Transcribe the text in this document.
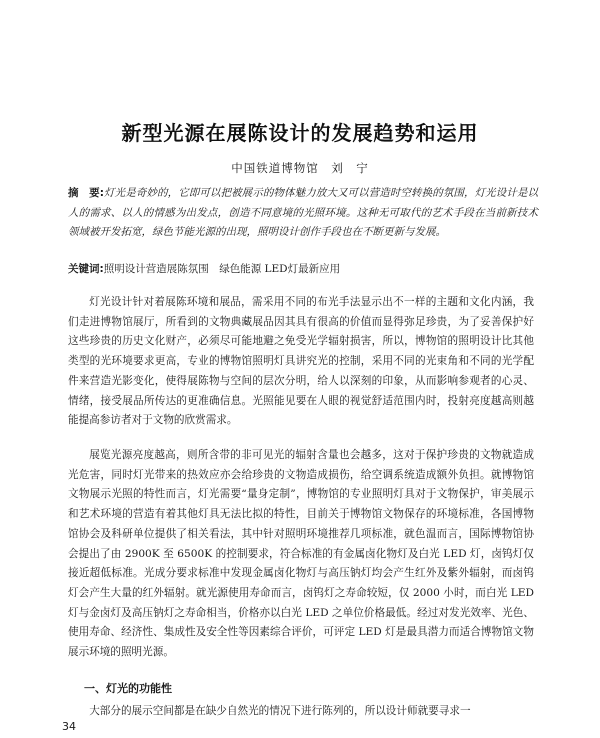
新型光源在展陈设计的发展趋势和运用
中国铁道博物馆　刘　宁
摘　要:灯光是奇妙的，它即可以把被展示的物体魅力放大又可以营造时空转换的氛围，灯光设计是以人的需求、以人的情感为出发点，创造不同意境的光照环境。这种无可取代的艺术手段在当前新技术领域被开发拓宽，绿色节能光源的出现，照明设计创作手段也在不断更新与发展。
关键词:照明设计营造展陈氛围　绿色能源 LED灯最新应用

灯光设计针对着展陈环境和展品，需采用不同的布光手法显示出不一样的主题和文化内涵，我们走进博物馆展厅，所看到的文物典藏展品因其具有很高的价值而显得弥足珍贵，为了妥善保护好这些珍贵的历史文化财产，必须尽可能地避之免受光学辐射损害，所以，博物馆的照明设计比其他类型的光环境要求更高，专业的博物馆照明灯具讲究光的控制，采用不同的光束角和不同的光学配件来营造光影变化，使得展陈物与空间的层次分明，给人以深刻的印象，从而影响参观者的心灵、情绪，接受展品所传达的更准确信息。光照能见要在人眼的视觉舒适范围内时，投射亮度越高则越能提高参访者对于文物的欣赏需求。

展览光源亮度越高，则所含带的非可见光的辐射含量也会越多，这对于保护珍贵的文物就造成光危害，同时灯光带来的热效应亦会给珍贵的文物造成损伤，给空调系统造成额外负担。就博物馆文物展示光照的特性而言，灯光需要“量身定制”，博物馆的专业照明灯具对于文物保护，审美展示和艺术环境的营造有着其他灯具无法比拟的特性，目前关于博物馆文物保存的环境标准，各国博物馆协会及科研单位提供了相关看法，其中针对照明环境推荐几项标准，就色温而言，国际博物馆协会提出了由 2900K 至 6500K 的控制要求，符合标准的有金属卤化物灯及白光 LED 灯，卤钨灯仅接近超低标准。光成分要求标准中发现金属卤化物灯与高压钠灯均会产生红外及紫外辐射，而卤钨灯会产生大量的红外辐射。就光源使用寿命而言，卤钨灯之寿命较短，仅 2000 小时，而白光 LED 灯与金卤灯及高压钠灯之寿命相当，价格亦以白光 LED 之单位价格最低。经过对发光效率、光色、使用寿命、经济性、集成性及安全性等因素综合评价，可评定 LED 灯是最具潜力而适合博物馆文物展示环境的照明光源。

一、灯光的功能性

大部分的展示空间都是在缺少自然光的情况下进行陈列的，所以设计师就要寻求一

34
